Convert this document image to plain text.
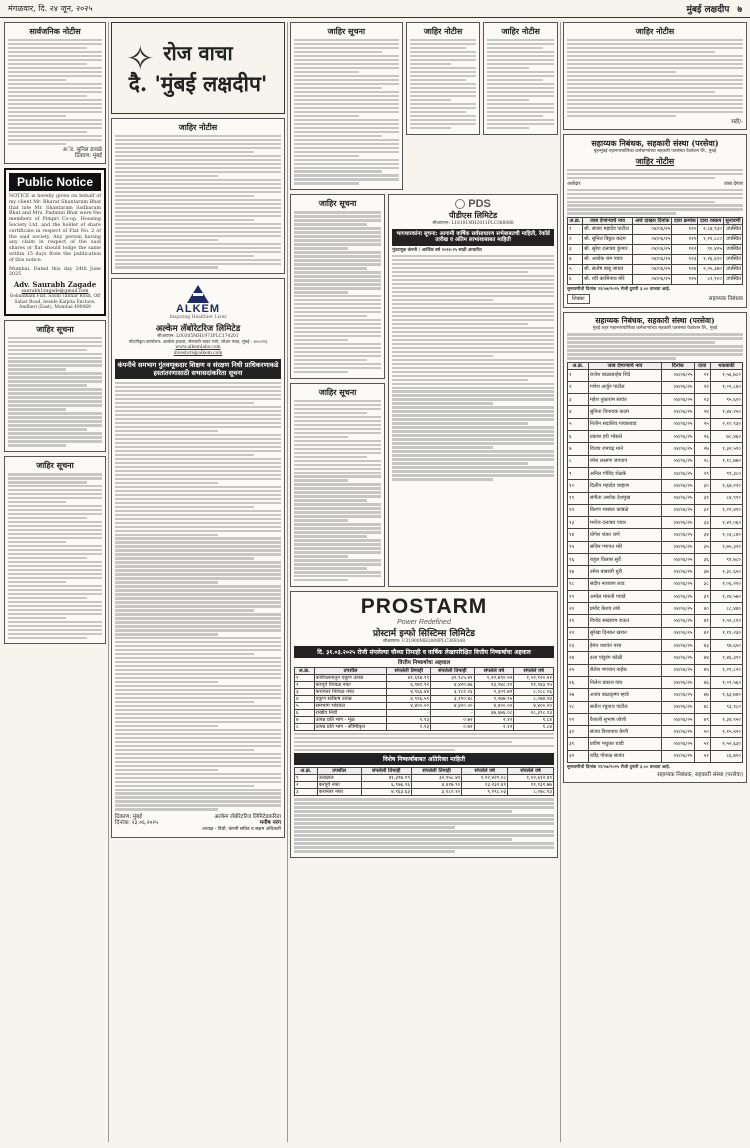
मंगळवार, दि. २४ जून, २०२५	मुंबई लक्षदीप ७
सार्वजनिक नोटीस
अॅड. सुनिल ढावळे
ठिकाण: मुंबई
Public Notice
NOTICE is hereby given on behalf of my client Mr. Bharat Shantaram Bhat that late Mr. Shantaram Sadbaram Bhat and Mrs. Padmini Bhat were the members of Pimpri Co-op. Housing Society Ltd. and the holder of share certificate in respect of Flat No. 2 of the said society. Any person having any claim in respect of the said shares or flat should lodge the same within 15 days from the publication of this notice.
Mumbai, Dated this day 24th June 2025
Adv. Saurabh Zagade
saurabh1zagade@gmail.com
Gokuldham Flat, Saudi Tannar Road, Off Sahar Road, beside Kalpita Enclave, Andheri (East), Mumbai 400069
जाहिर सूचना
जाहिर सूचना
✧ रोज वाचा
दै. 'मुंबई लक्षदीप'
जाहिर नोटीस
ALKEM
Inspiring Healthier Lives
अल्केम लॅबोरेटरिज लिमिटेड
सीआयएन: L00305MH1973PLC174201
नोंदणीकृत कार्यालय: अल्केम हाऊस, सेनापती बापट मार्ग, लोअर परळ, मुंबई - ४०००१३
www.alkemlabs.com
investors@alkem.com
कंपनीचे समभाग गुंतवणूकदार शिक्षण व संरक्षण निधी प्राधिकरणाकडे हस्तांतरणासाठी सभासदांकरिता सूचना
ठिकाण: मुंबई
दिनांक: २३.०६.२०२५
अल्केम लॅबोरेटरिज लिमिटेडकरिता
मनीष नरंग
अध्यक्ष - विधी, कंपनी सचिव व सक्षम अधिकारी
जाहिर सूचना	जाहिर नोटीस	जाहिर नोटीस
जाहिर सूचना
जाहिर सूचना
PDS
पीडीएस लिमिटेड
सीआयएन: L18101MH2011PLC388088
भागधारकांना सूचना: आगामी वार्षिक सर्वसाधारण सभेबाबतची माहिती, रेकॉर्ड तारीख व अंतिम लाभांशाबाबत माहिती
गुंतवणूक कंपनी / आर्थिक वर्ष २०२४-२५ साठी आधारित
PROSTARM
Power Redefined
प्रोस्टार्म इन्फो सिस्टिम्स लिमिटेड
सीआयएन: U31900MH2008PLC368348
दि. ३१.०३.२०२५ रोजी संपलेल्या चौथ्या तिमाही व वार्षिक लेखापरिक्षित वित्तीय निष्कर्षाचा अहवाल
वित्तीय निष्कर्षाचा अहवाल
अ.क्र.	तपशील	संपलेली तिमाही	संपलेली तिमाही	संपलेले वर्ष	संपलेले वर्ष
१	कार्यचलनातून एकूण उत्पन्न	४१,६९७.९९	३२,९८५.४१	१,२२,७९०.५२	१,०२,९२०.५१
२	करपूर्व निव्वळ नफा	६,९७९.९२	४,४२०.७६	१३,२४८.११	११,९४३.९५
३	करानंतर निव्वळ नफा	४,९६६.४४	३,१८२.२३	९,३०९.७९	८,०८८.०६
४	एकूण सर्वंकष उत्पन्न	४,९२६.५९	३,१९०.४८	९,२७७.९५	८,०७४.१४
५	समभाग भांडवल	४,४००.००	४,४००.००	४,४००.००	४,४००.००
६	राखीव निधी	-	-	३७,६७६.०८	२८,३९८.१३
७	उत्पन्न प्रति भाग - मूळ	१.१३	०.७२	२.१२	१.८४
८	उत्पन्न प्रति भाग - सौम्यिकृत	१.१३	०.७२	२.१२	१.८४
विशेष निष्कर्षाबाबत अतिरिक्त माहिती
अ.क्र.	तपशील	संपलेली तिमाही	संपलेली तिमाही	संपलेले वर्ष	संपलेले वर्ष
१	उलाढाल	४१,३९७.९९	३२,९५८.४१	१,२२,४२१.०८	१,०२,६१२.४९
२	करपूर्व नफा	६,९७६.१६	४,४१७.९०	१३,२३२.४१	११,९३१.७७
३	करानंतर नफा	४,९६३.६३	३,१८०.१०	९,२९८.०३	८,०७८.९३
जाहिर नोटीस
सही/-
सहाय्यक निबंधक, सहकारी संस्था (परसेवा)
बृहन्मुंबई महानगरपालिका कर्मचाऱ्यांच्या सहकारी पतसंस्था फेडरेशन लि., मुंबई
जाहिर नोटीस
अर्जदार	जाब देणार
अ.क्र.	जाब देणाऱ्याचे नाव	अर्ज दाखल दिनांक	दावा क्रमांक	दावा रक्कम	सुनावणी
१	श्री. संजय महादेव पाटील	०४/०६/२५	१२०	२,८४,९३०	उपस्थित
२	श्री. सुनिल विठ्ठल कदम	०४/०६/२५	१२१	१,१२,८८०	उपस्थित
३	श्री. सुरेश दत्तात्रय कुंभार	०४/०६/२५	१२२	९०,४२५	उपस्थित
४	श्री. अशोक राम पवार	०४/०६/२५	१२३	१,२६,६१०	उपस्थित
५	श्री. संतोष बाबू जाधव	०४/०६/२५	१२४	२,०५,३७०	उपस्थित
६	श्री. रवी काशिनाथ मोरे	०४/०६/२५	१२५	८२,९००	उपस्थित
सुनावणीची दिनांक २१/०७/२०२५ रोजी दुपारी ३.०० वाजता आहे.
शिक्का	सहाय्यक निबंधक
सहाय्यक निबंधक, सहकारी संस्था (परसेवा)
मुंबई शहर महानगरपालिका कर्मचाऱ्यांच्या सहकारी पतसंस्था फेडरेशन लि., मुंबई
अ.क्र.	जाब देणाऱ्याचे नाव	दिनांक	दावा	थकबाकी
१	राजेश बाळासाहेब शिंदे	०४/०६/२५	२१	१,५६,७८०
२	गणेश अर्जुन पाटील	०४/०६/२५	२२	१,०९,८४०
३	महेश तुकाराम सावंत	०४/०६/२५	२३	९५,६००
४	सुनिता विनायक कदम	०४/०६/२५	२४	१,४४,२५०
५	नितीन सदाशिव गायकवाड	०४/०६/२५	२५	२,१०,९३०
६	प्रकाश हरी भोसले	०४/०६/२५	२६	७८,४६०
७	विजय रामचंद्र माने	०४/०६/२५	२७	१,३२,५१०
८	रमेश लक्ष्मण जगताप	०४/०६/२५	२८	१,१८,७७०
९	अनिल गोविंद शेळके	०४/०६/२५	२९	९९,३८०
१०	दिलीप महादेव चव्हाण	०४/०६/२५	३०	१,६७,२२०
११	संगीता अशोक देशमुख	०४/०६/२५	३१	८४,९९०
१२	किरण भास्कर कांबळे	०४/०६/२५	३२	१,२२,४१०
१३	मनोज दत्तात्रय पवार	०४/०६/२५	३३	१,४९,०६०
१४	योगेश शंकर राणे	०४/०६/२५	३४	१,०३,८४०
१५	सचिन गणपत मोरे	०४/०६/२५	३५	१,७५,३२०
१६	राहुल विलास सुर्वे	०४/०६/२५	३६	९१,७८०
१७	उमेश बाबाजी धुरी	०४/०६/२५	३७	१,३८,६५०
१८	संदीप नारायण लाड	०४/०६/२५	३८	१,०६,२९०
१९	अमोल मारुती गावडे	०४/०६/२५	३९	१,२४,५७०
२०	प्रमोद केशव तांबे	०४/०६/२५	४०	८८,४४०
२१	विनोद सखाराम राऊत	०४/०६/२५	४१	१,५९,८१०
२२	सुरेखा दिनकर खरात	०४/०६/२५	४२	१,११,२३०
२३	हेमंत यशवंत परब	०४/०६/२५	४३	९७,६५०
२४	दत्ता पांडुरंग कोळी	०४/०६/२५	४४	१,४६,३९०
२५	शैलेश भगवान नाईक	०४/०६/२५	४५	१,२९,८२०
२६	निलेश प्रकाश वाघ	०४/०६/२५	४६	१,०१,५६०
२७	अजय बाळकृष्ण म्हात्रे	०४/०६/२५	४७	१,६३,७४०
२८	सतीश रघुनाथ पाटील	०४/०६/२५	४८	९३,१८०
२९	वैशाली सुभाष जोशी	०४/०६/२५	४९	१,३४,९५०
३०	संजय विश्वनाथ केणी	०४/०६/२५	५०	१,१५,४२०
३१	प्रवीण मधुकर घाडी	०४/०६/२५	५१	१,५२,६३०
३२	रवींद्र गोपाळ सावंत	०४/०६/२५	५२	८६,७१०
सुनावणीची दिनांक २१/०७/२०२५ रोजी दुपारी ३.०० वाजता आहे.
सहाय्यक निबंधक, सहकारी संस्था (परसेवा)
